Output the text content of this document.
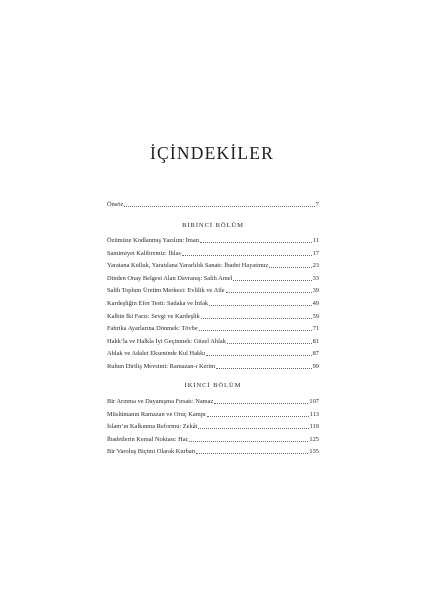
İÇİNDEKİLER
Önsöz	7
BİRİNCİ BÖLÜM
Özümüze Kodlanmış Yazılım: İman	11
Samimiyet Kalibremiz: İhlas	17
Yaratana Kulluk, Yaratılana Yararlılık Sanatı: İbadet Hayatımız	23
Dinden Onay Belgesi Alan Davranış: Salih Amel	33
Salih Toplum Üretim Merkezi: Evlilik ve Aile	39
Kardeşliğin Efor Testi: Sadaka ve İnfak	49
Kalbin İki Farzı: Sevgi ve Kardeşlik	59
Fabrika Ayarlarına Dönmek: Tövbe	71
Hakk’la ve Halkla İyi Geçinmek: Güzel Ahlak	81
Ahlak ve Adalet Ekseninde Kul Hakkı	87
Ruhun Diriliş Mevsimi: Ramazan-ı Kerim	99
İKİNCİ BÖLÜM
Bir Arınma ve Dayanışma Fırsatı: Namaz	107
Müslümanın Ramazan ve Oruç Kampı	113
İslam’ın Kalkınma Reformu: Zekât	119
İbadetlerin Kemal Noktası: Hac	125
Bir Varoluş Biçimi Olarak Kurban	135
